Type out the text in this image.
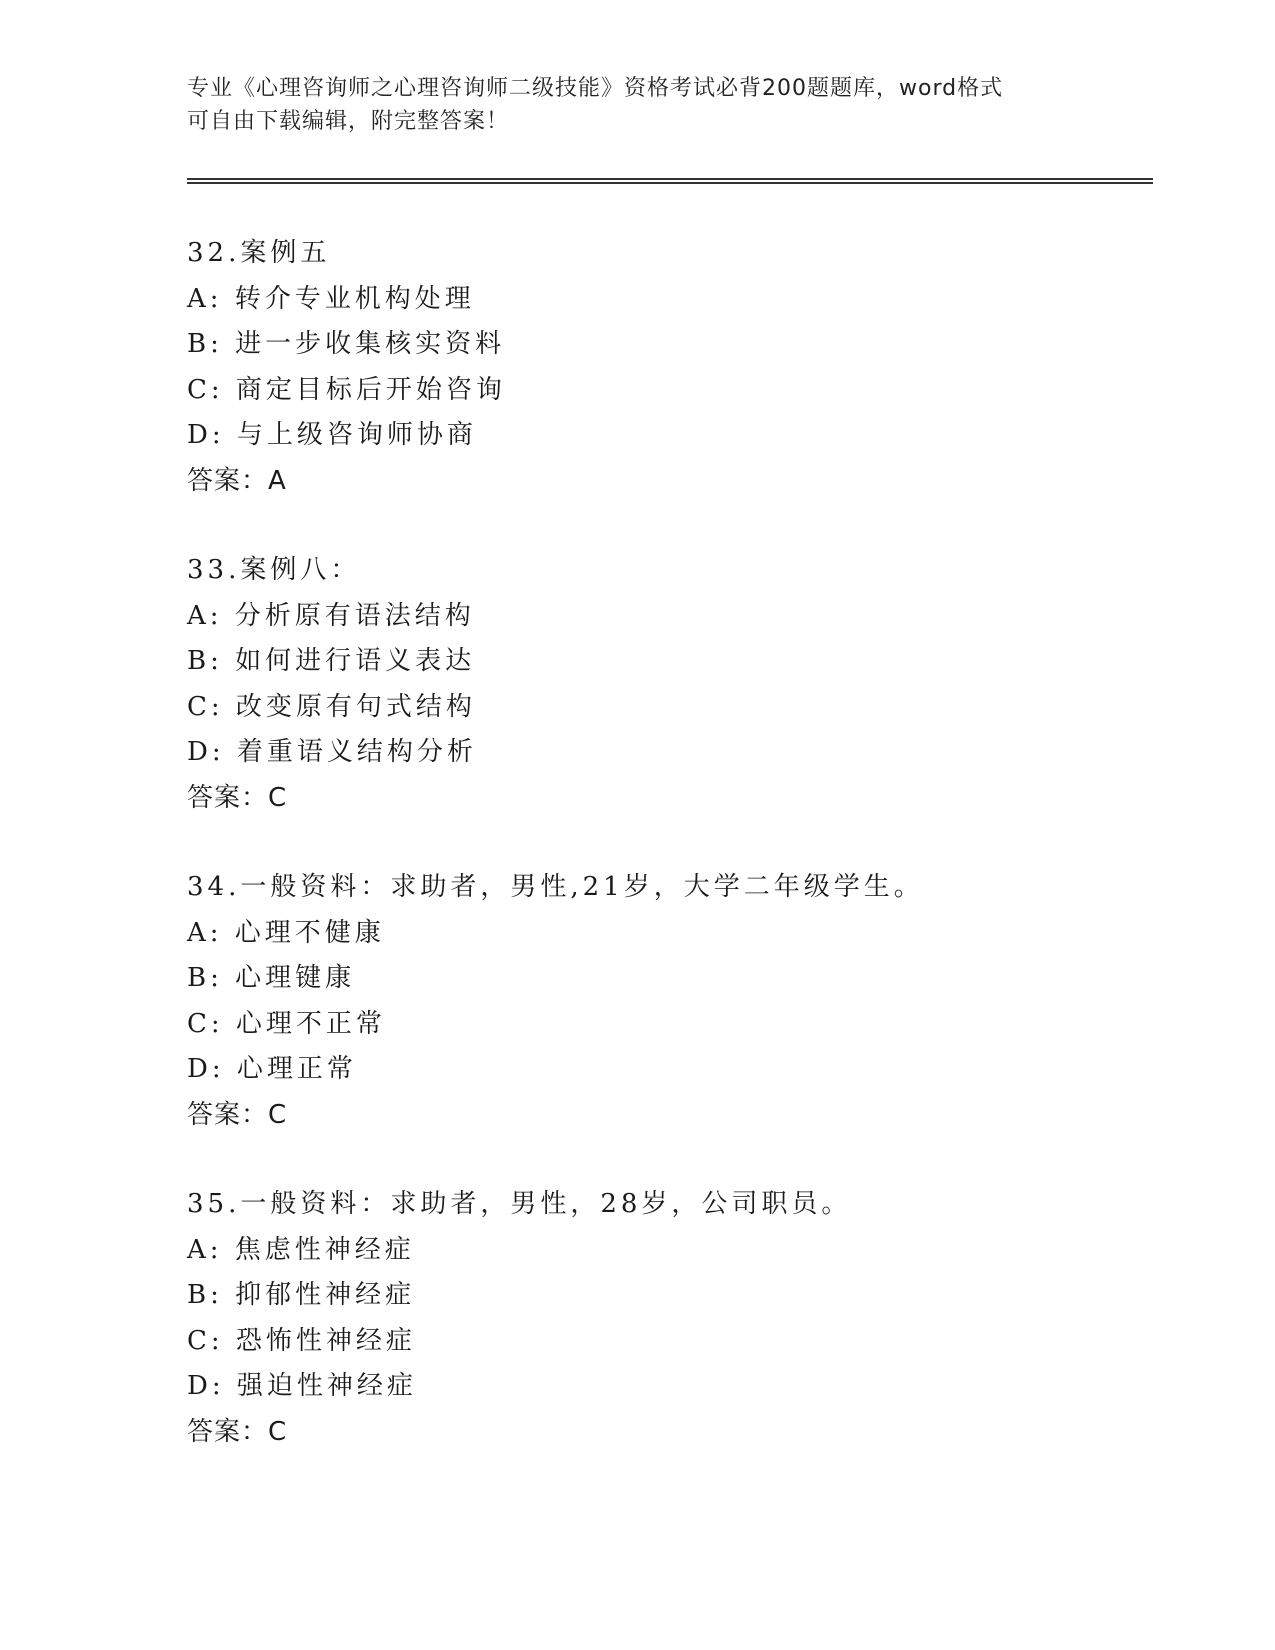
专业《心理咨询师之心理咨询师二级技能》资格考试必背200题题库，word格式
可自由下载编辑，附完整答案！
32.案例五
A: 转介专业机构处理
B: 进一步收集核实资料
C: 商定目标后开始咨询
D: 与上级咨询师协商
答案：A
33.案例八：
A: 分析原有语法结构
B: 如何进行语义表达
C: 改变原有句式结构
D: 着重语义结构分析
答案：C
34.一般资料：求助者，男性,21岁，大学二年级学生。
A: 心理不健康
B: 心理键康
C: 心理不正常
D: 心理正常
答案：C
35.一般资料：求助者，男性，28岁，公司职员。
A: 焦虑性神经症
B: 抑郁性神经症
C: 恐怖性神经症
D: 强迫性神经症
答案：C
